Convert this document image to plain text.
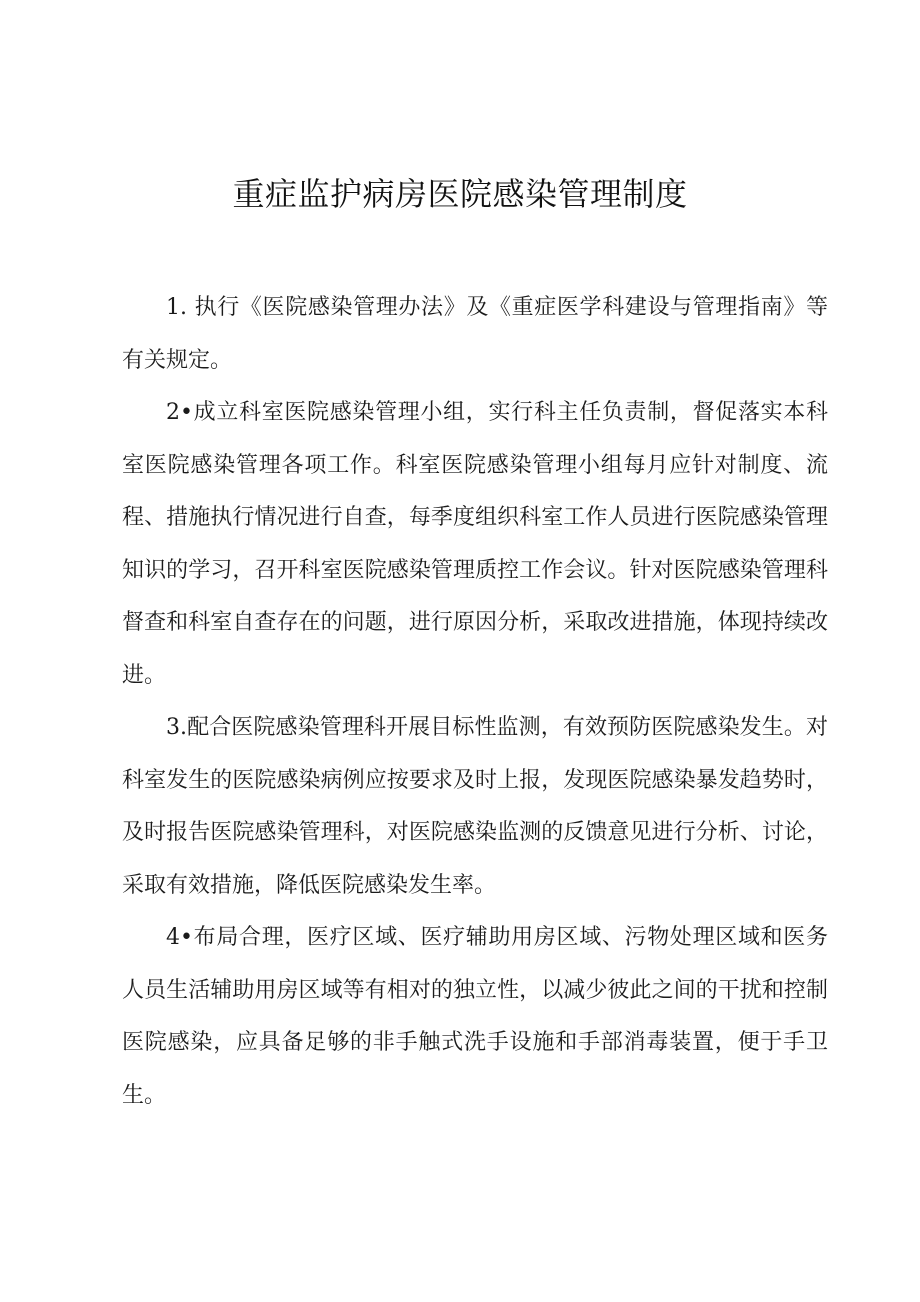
重症监护病房医院感染管理制度

1. 执行《医院感染管理办法》及《重症医学科建设与管理指南》等有关规定。

2•成立科室医院感染管理小组，实行科主任负责制，督促落实本科室医院感染管理各项工作。科室医院感染管理小组每月应针对制度、流程、措施执行情况进行自查，每季度组织科室工作人员进行医院感染管理知识的学习，召开科室医院感染管理质控工作会议。针对医院感染管理科督查和科室自查存在的问题，进行原因分析，采取改进措施，体现持续改进。

3.配合医院感染管理科开展目标性监测，有效预防医院感染发生。对科室发生的医院感染病例应按要求及时上报，发现医院感染暴发趋势时，及时报告医院感染管理科，对医院感染监测的反馈意见进行分析、讨论，采取有效措施，降低医院感染发生率。

4•布局合理，医疗区域、医疗辅助用房区域、污物处理区域和医务人员生活辅助用房区域等有相对的独立性，以减少彼此之间的干扰和控制医院感染，应具备足够的非手触式洗手设施和手部消毒装置，便于手卫生。
